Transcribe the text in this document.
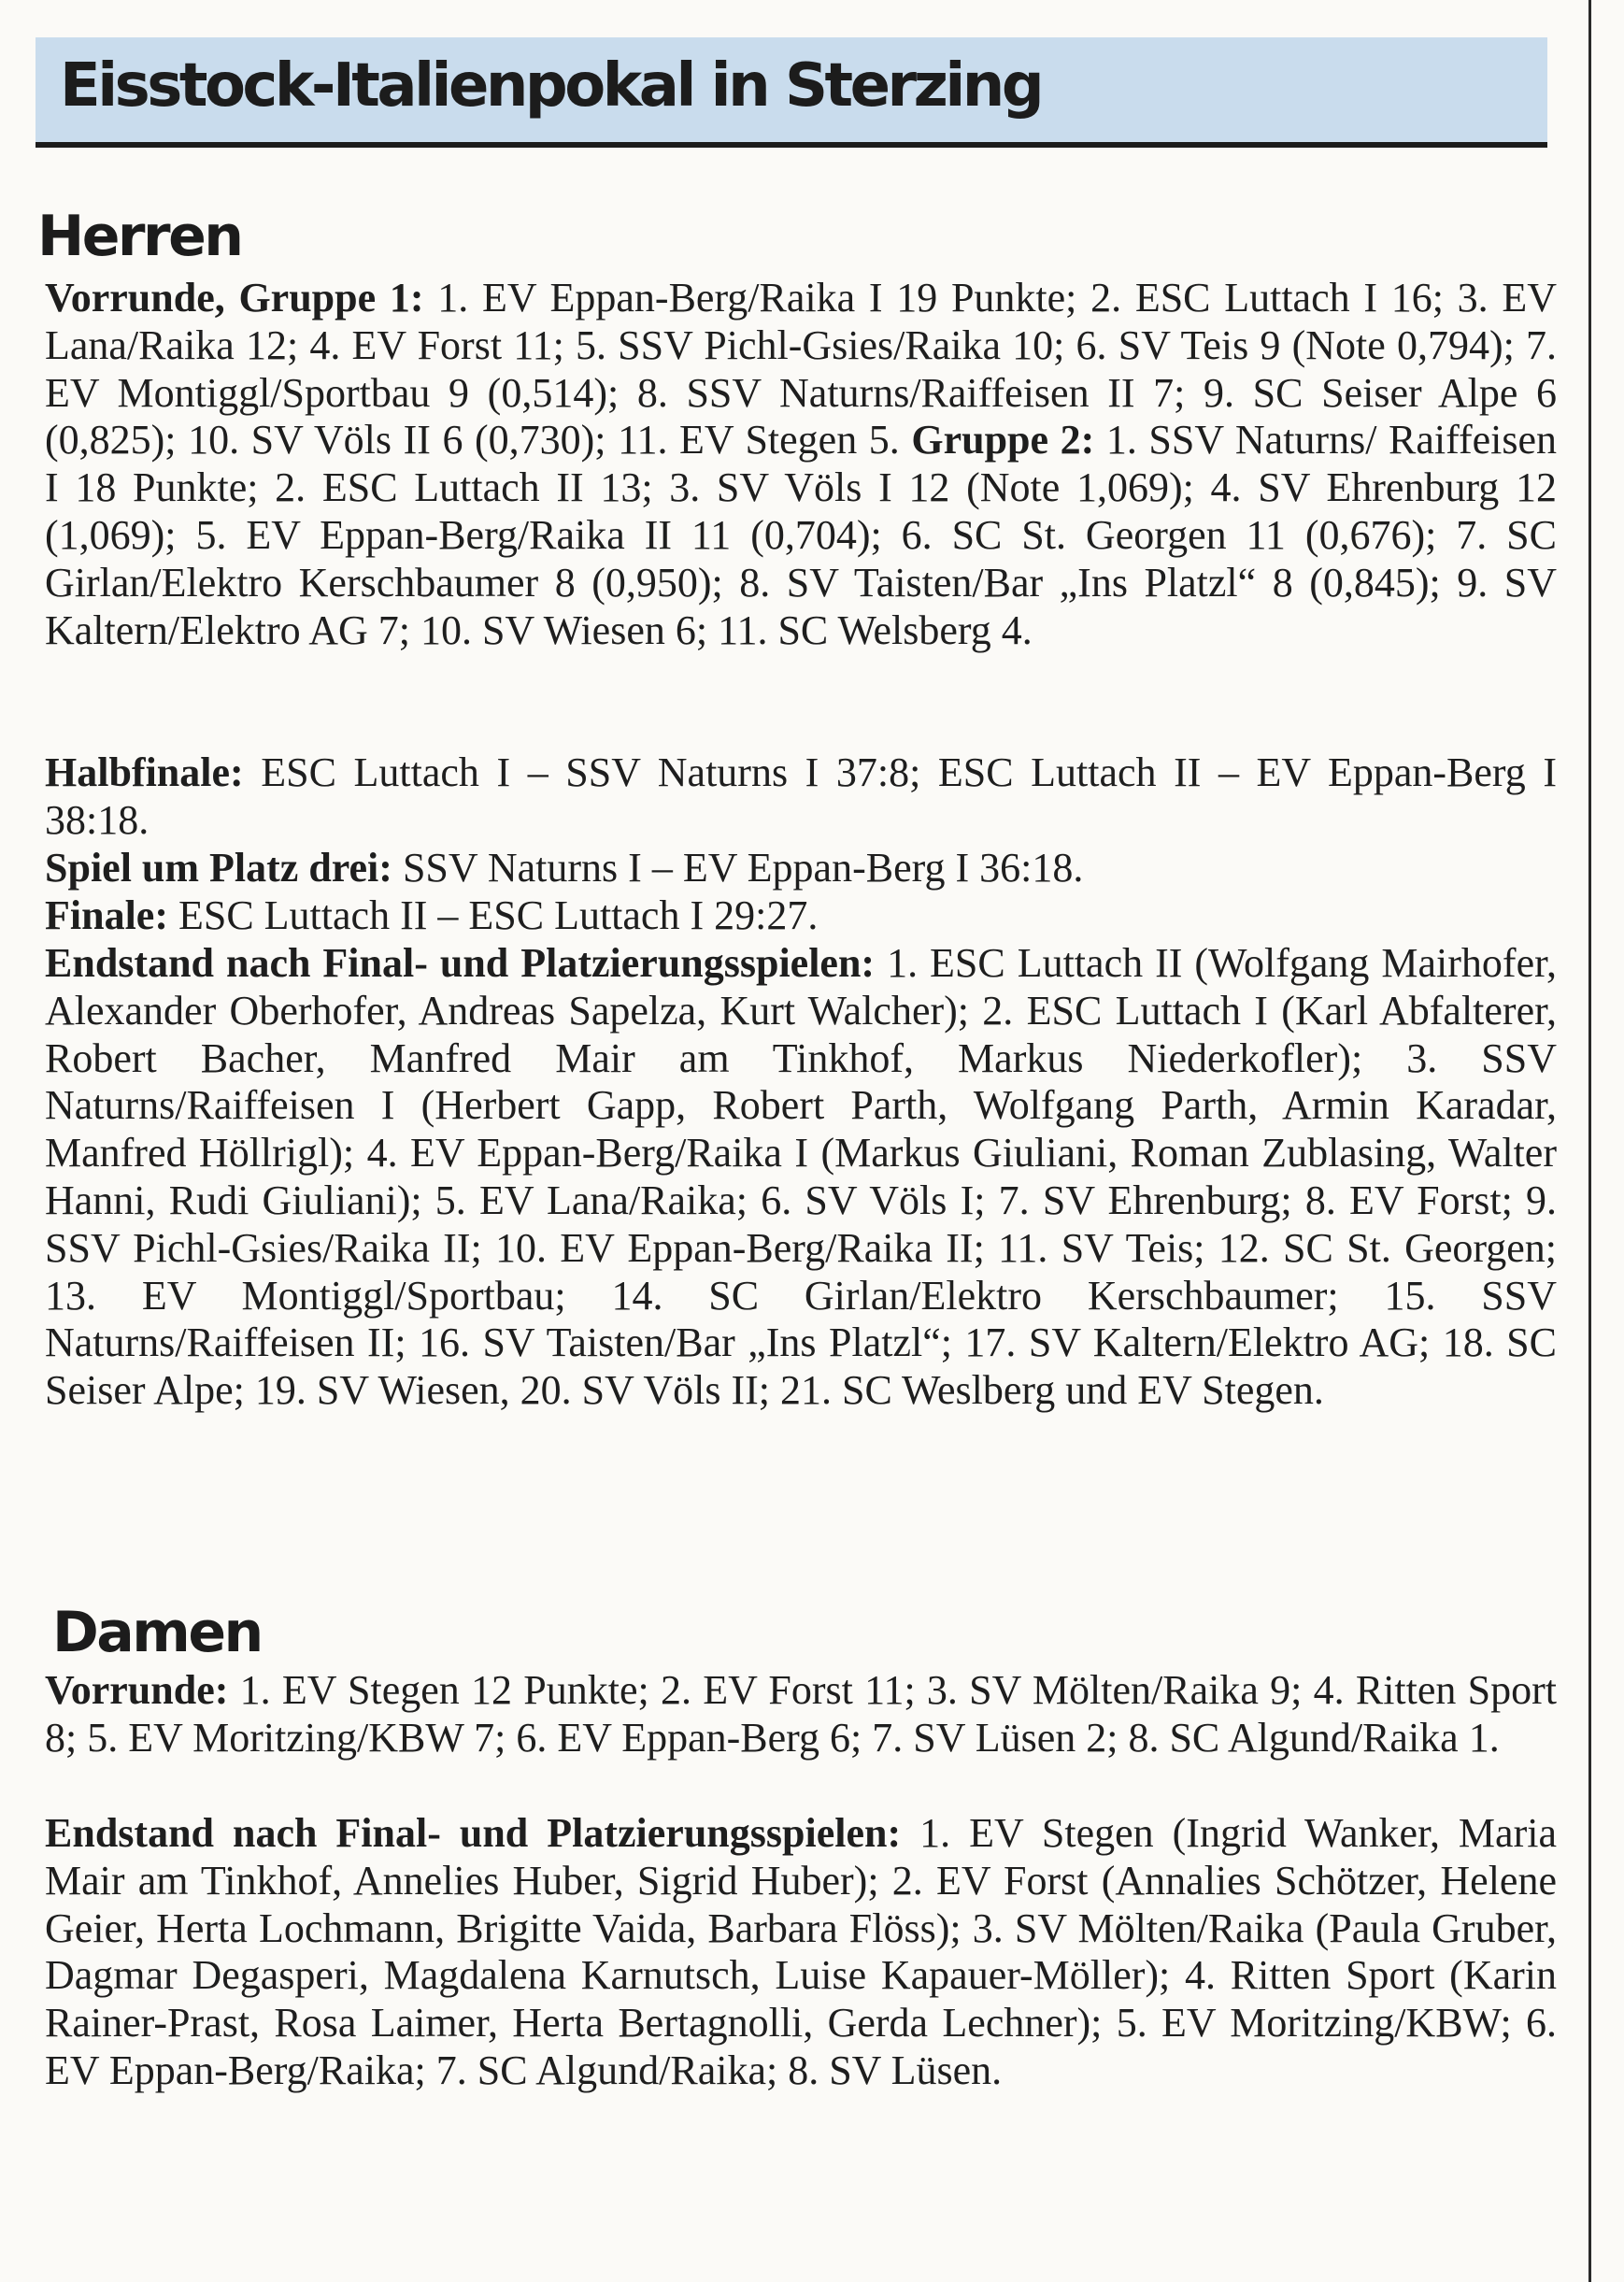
Eisstock-Italienpokal in Sterzing
Herren

Vorrunde, Gruppe 1: 1. EV Eppan-Berg/Raika I 19 Punkte; 2. ESC Luttach I 16; 3. EV Lana/Raika 12; 4. EV Forst 11; 5. SSV Pichl-Gsies/Raika 10; 6. SV Teis 9 (Note 0,794); 7. EV Montiggl/Sportbau 9 (0,514); 8. SSV Naturns/Raiffeisen II 7; 9. SC Seiser Alpe 6 (0,825); 10. SV Völs II 6 (0,730); 11. EV Stegen 5. Gruppe 2: 1. SSV Naturns/ Raiffeisen I 18 Punkte; 2. ESC Luttach II 13; 3. SV Völs I 12 (Note 1,069); 4. SV Ehrenburg 12 (1,069); 5. EV Eppan-Berg/Raika II 11 (0,704); 6. SC St. Georgen 11 (0,676); 7. SC Girlan/Elektro Kerschbaumer 8 (0,950); 8. SV Taisten/Bar „Ins Platzl“ 8 (0,845); 9. SV Kaltern/Elektro AG 7; 10. SV Wiesen 6; 11. SC Welsberg 4.

Halbfinale: ESC Luttach I – SSV Naturns I 37:8; ESC Luttach II – EV Eppan-Berg I 38:18.

Spiel um Platz drei: SSV Naturns I – EV Eppan-Berg I 36:18.

Finale: ESC Luttach II – ESC Luttach I 29:27.

Endstand nach Final- und Platzierungsspielen: 1. ESC Luttach II (Wolfgang Mairhofer, Alexander Oberhofer, Andreas Sapelza, Kurt Walcher); 2. ESC Luttach I (Karl Abfalterer, Robert Bacher, Manfred Mair am Tinkhof, Markus Niederkofler); 3. SSV Naturns/Raiffeisen I (Herbert Gapp, Robert Parth, Wolfgang Parth, Armin Karadar, Manfred Höllrigl); 4. EV Eppan-Berg/Raika I (Markus Giuliani, Roman Zublasing, Walter Hanni, Rudi Giuliani); 5. EV Lana/Raika; 6. SV Völs I; 7. SV Ehrenburg; 8. EV Forst; 9. SSV Pichl-Gsies/Raika II; 10. EV Eppan-Berg/Raika II; 11. SV Teis; 12. SC St. Georgen; 13. EV Montiggl/Sportbau; 14. SC Girlan/Elektro Kerschbaumer; 15. SSV Naturns/Raiffeisen II; 16. SV Taisten/Bar „Ins Platzl“; 17. SV Kaltern/Elektro AG; 18. SC Seiser Alpe; 19. SV Wiesen, 20. SV Völs II; 21. SC Weslberg und EV Stegen.

Damen

Vorrunde: 1. EV Stegen 12 Punkte; 2. EV Forst 11; 3. SV Mölten/Raika 9; 4. Ritten Sport 8; 5. EV Moritzing/KBW 7; 6. EV Eppan-Berg 6; 7. SV Lüsen 2; 8. SC Algund/Raika 1.

Endstand nach Final- und Platzierungsspielen: 1. EV Stegen (Ingrid Wanker, Maria Mair am Tinkhof, Annelies Huber, Sigrid Huber); 2. EV Forst (Annalies Schötzer, Helene Geier, Herta Lochmann, Brigitte Vaida, Barbara Flöss); 3. SV Mölten/Raika (Paula Gruber, Dagmar Degasperi, Magdalena Karnutsch, Luise Kapauer-Möller); 4. Ritten Sport (Karin Rainer-Prast, Rosa Laimer, Herta Bertagnolli, Gerda Lechner); 5. EV Moritzing/KBW; 6. EV Eppan-Berg/Raika; 7. SC Algund/Raika; 8. SV Lüsen.
